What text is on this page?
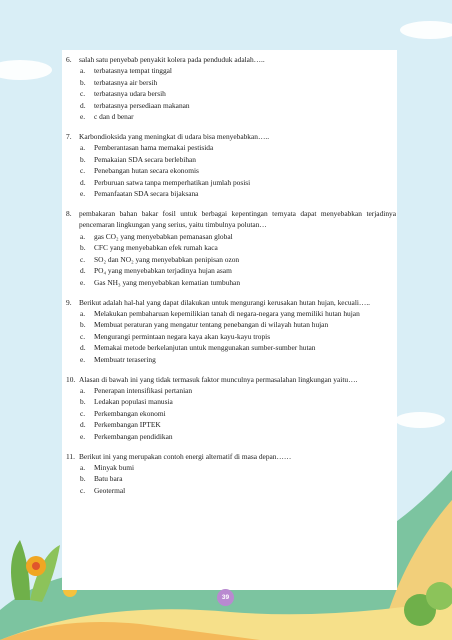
6.	salah satu penyebab penyakit kolera pada penduduk adalah…..
a.	terbatasnya tempat tinggal
b.	terbatasnya air bersih
c.	terbatasnya udara bersih
d.	terbatasnya persediaan makanan
e.	c dan d benar
7.	Karbondioksida yang meningkat di udara bisa menyebabkan…..
a.	Pemberantasan hama memakai pestisida
b.	Pemakaian SDA secara berlebihan
c.	Penebangan hutan secara ekonomis
d.	Perburuan satwa tanpa memperhatikan jumlah posisi
e.	Pemanfaatan SDA secara bijaksana
8.	pembakaran bahan bakar fosil untuk berbagai kepentingan ternyata dapat menyebabkan terjadinya pencemaran lingkungan yang serius, yaitu timbulnya polutan…
a.	gas CO₂ yang menyebabkan pemanasan global
b.	CFC yang menyebabkan efek rumah kaca
c.	SO₂ dan NO₂ yang menyebabkan penipisan ozon
d.	PO₄ yang menyebabkan terjadinya hujan asam
e.	Gas NH₃ yang menyebabkan kematian tumbuhan
9.	Berikut adalah hal-hal yang dapat dilakukan untuk mengurangi kerusakan hutan hujan, kecuali…..
a.	Melakukan pembaharuan kepemilikian tanah di negara-negara yang memiliki hutan hujan
b.	Membuat peraturan yang mengatur tentang penebangan di wilayah hutan hujan
c.	Mengurangi permintaan negara kaya akan kayu-kayu tropis
d.	Memakai metode berkelanjutan untuk menggunakan sumber-sumber hutan
e.	Membuatr terasering
10. Alasan di bawah ini yang tidak termasuk faktor munculnya permasalahan lingkungan yaitu….
a.	Penerapan intensifikasi pertanian
b.	Ledakan populasi manusia
c.	Perkembangan ekonomi
d.	Perkembangan IPTEK
e.	Perkembangan pendidikan
11. Berikut ini yang merupakan contoh energi alternatif di masa depan……
a.	Minyak bumi
b.	Batu bara
c.	Geotermal
39
